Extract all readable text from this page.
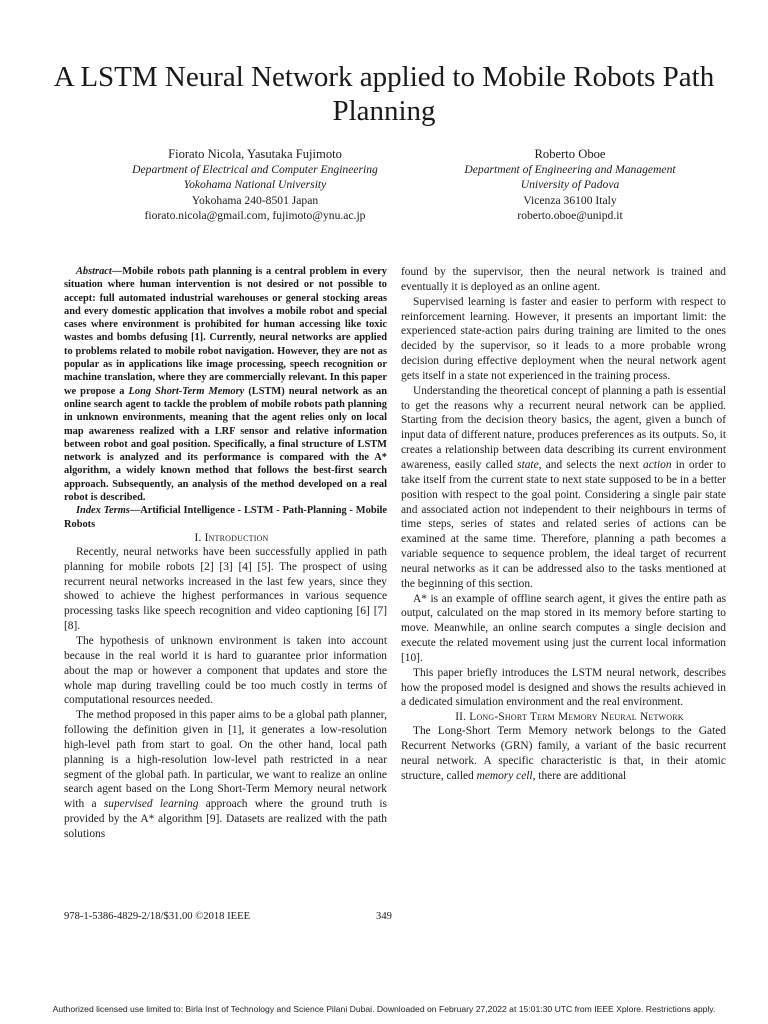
A LSTM Neural Network applied to Mobile Robots Path Planning
Fiorato Nicola, Yasutaka Fujimoto
Department of Electrical and Computer Engineering
Yokohama National University
Yokohama 240-8501 Japan
fiorato.nicola@gmail.com, fujimoto@ynu.ac.jp
Roberto Oboe
Department of Engineering and Management
University of Padova
Vicenza 36100 Italy
roberto.oboe@unipd.it

Abstract—Mobile robots path planning is a central problem in every situation where human intervention is not desired or not possible to accept: full automated industrial warehouses or general stocking areas and every domestic application that involves a mobile robot and special cases where environment is prohibited for human accessing like toxic wastes and bombs defusing [1]. Currently, neural networks are applied to problems related to mobile robot navigation. However, they are not as popular as in applications like image processing, speech recognition or machine translation, where they are commercially relevant. In this paper we propose a Long Short-Term Memory (LSTM) neural network as an online search agent to tackle the problem of mobile robots path planning in unknown environments, meaning that the agent relies only on local map awareness realized with a LRF sensor and relative information between robot and goal position. Specifically, a final structure of LSTM network is analyzed and its performance is compared with the A* algorithm, a widely known method that follows the best-first search approach. Subsequently, an analysis of the method developed on a real robot is described.

Index Terms—Artificial Intelligence - LSTM - Path-Planning - Mobile Robots

I. Introduction

Recently, neural networks have been successfully applied in path planning for mobile robots [2] [3] [4] [5]. The prospect of using recurrent neural networks increased in the last few years, since they showed to achieve the highest performances in various sequence processing tasks like speech recognition and video captioning [6] [7] [8].

The hypothesis of unknown environment is taken into account because in the real world it is hard to guarantee prior information about the map or however a component that updates and store the whole map during travelling could be too much costly in terms of computational resources needed.

The method proposed in this paper aims to be a global path planner, following the definition given in [1], it generates a low-resolution high-level path from start to goal. On the other hand, local path planning is a high-resolution low-level path restricted in a near segment of the global path. In particular, we want to realize an online search agent based on the Long Short-Term Memory neural network with a supervised learning approach where the ground truth is provided by the A* algorithm [9]. Datasets are realized with the path solutions

found by the supervisor, then the neural network is trained and eventually it is deployed as an online agent.

Supervised learning is faster and easier to perform with respect to reinforcement learning. However, it presents an important limit: the experienced state-action pairs during training are limited to the ones decided by the supervisor, so it leads to a more probable wrong decision during effective deployment when the neural network agent gets itself in a state not experienced in the training process.

Understanding the theoretical concept of planning a path is essential to get the reasons why a recurrent neural network can be applied. Starting from the decision theory basics, the agent, given a bunch of input data of different nature, produces preferences as its outputs. So, it creates a relationship between data describing its current environment awareness, easily called state, and selects the next action in order to take itself from the current state to next state supposed to be in a better position with respect to the goal point. Considering a single pair state and associated action not independent to their neighbours in terms of time steps, series of states and related series of actions can be examined at the same time. Therefore, planning a path becomes a variable sequence to sequence problem, the ideal target of recurrent neural networks as it can be addressed also to the tasks mentioned at the beginning of this section.

A* is an example of offline search agent, it gives the entire path as output, calculated on the map stored in its memory before starting to move. Meanwhile, an online search computes a single decision and execute the related movement using just the current local information [10].

This paper briefly introduces the LSTM neural network, describes how the proposed model is designed and shows the results achieved in a dedicated simulation environment and the real environment.

II. Long-Short Term Memory Neural Network

The Long-Short Term Memory network belongs to the Gated Recurrent Networks (GRN) family, a variant of the basic recurrent neural network. A specific characteristic is that, in their atomic structure, called memory cell, there are additional

978-1-5386-4829-2/18/$31.00 ©2018 IEEE	349
Authorized licensed use limited to: Birla Inst of Technology and Science Pilani Dubai. Downloaded on February 27,2022 at 15:01:30 UTC from IEEE Xplore. Restrictions apply.
